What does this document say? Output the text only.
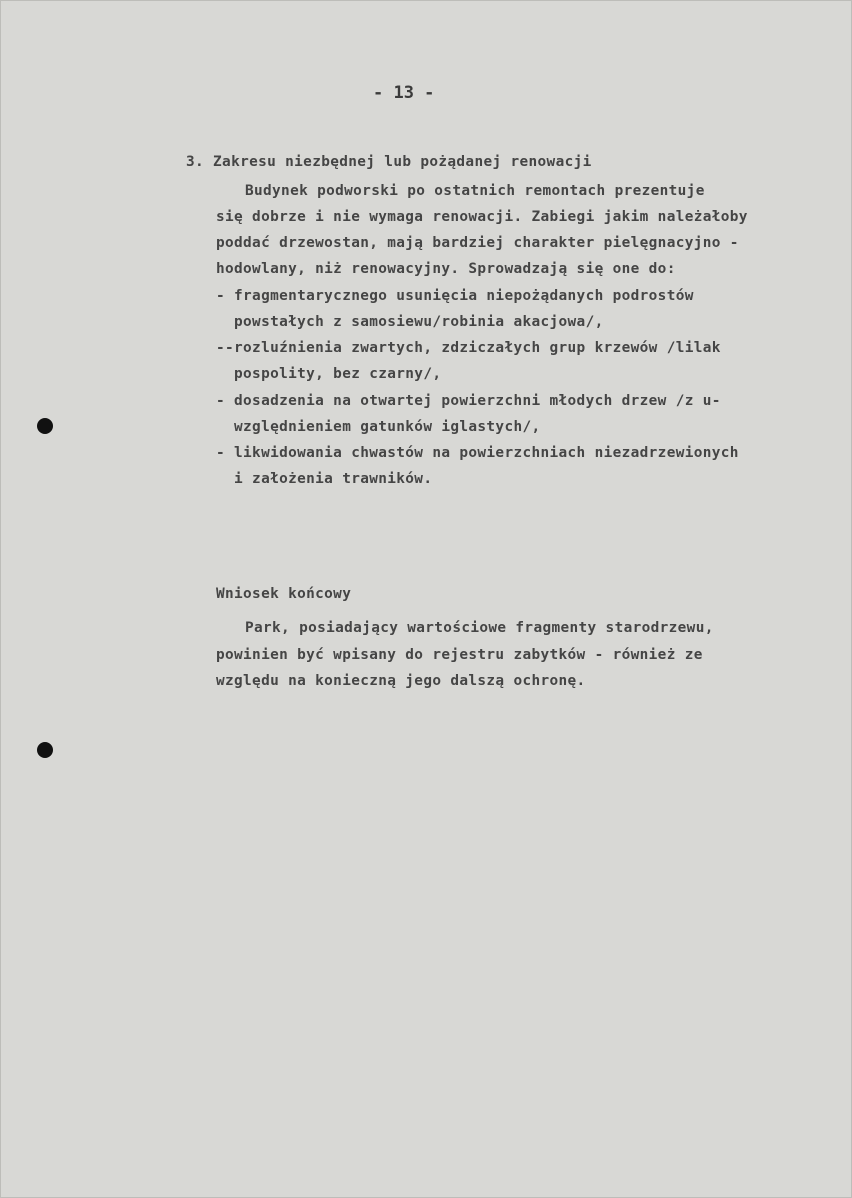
- 13 -
3. Zakresu niezbędnej lub pożądanej renowacji
Budynek podworski po ostatnich remontach prezentuje
się dobrze i nie wymaga renowacji. Zabiegi jakim należałoby
poddać drzewostan, mają bardziej charakter pielęgnacyjno -
hodowlany, niż renowacyjny. Sprowadzają się one do:
- fragmentarycznego usunięcia niepożądanych podrostów
powstałych z samosiewu/robinia akacjowa/,
--rozluźnienia zwartych, zdziczałych grup krzewów /lilak
pospolity, bez czarny/,
- dosadzenia na otwartej powierzchni młodych drzew /z u-
względnieniem gatunków iglastych/,
- likwidowania chwastów na powierzchniach niezadrzewionych
i założenia trawników.
Wniosek końcowy
Park, posiadający wartościowe fragmenty starodrzewu,
powinien być wpisany do rejestru zabytków - również ze
względu na konieczną jego dalszą ochronę.
